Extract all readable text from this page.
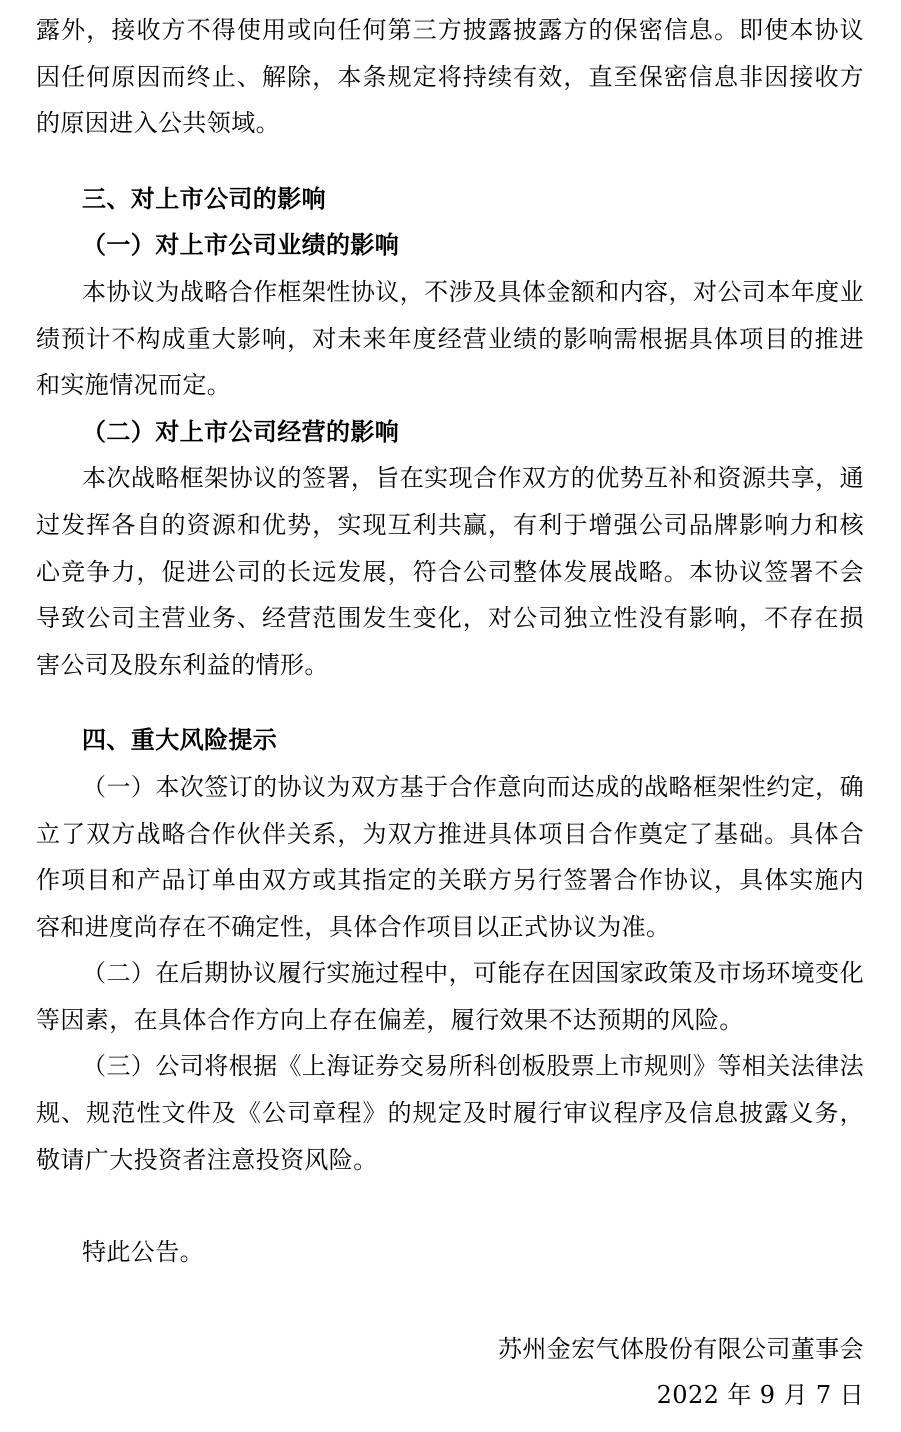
露外，接收方不得使用或向任何第三方披露披露方的保密信息。即使本协议因任何原因而终止、解除，本条规定将持续有效，直至保密信息非因接收方的原因进入公共领域。

三、对上市公司的影响

（一）对上市公司业绩的影响

本协议为战略合作框架性协议，不涉及具体金额和内容，对公司本年度业绩预计不构成重大影响，对未来年度经营业绩的影响需根据具体项目的推进和实施情况而定。

（二）对上市公司经营的影响

本次战略框架协议的签署，旨在实现合作双方的优势互补和资源共享，通过发挥各自的资源和优势，实现互利共赢，有利于增强公司品牌影响力和核心竞争力，促进公司的长远发展，符合公司整体发展战略。本协议签署不会导致公司主营业务、经营范围发生变化，对公司独立性没有影响，不存在损害公司及股东利益的情形。

四、重大风险提示

（一）本次签订的协议为双方基于合作意向而达成的战略框架性约定，确立了双方战略合作伙伴关系，为双方推进具体项目合作奠定了基础。具体合作项目和产品订单由双方或其指定的关联方另行签署合作协议，具体实施内容和进度尚存在不确定性，具体合作项目以正式协议为准。

（二）在后期协议履行实施过程中，可能存在因国家政策及市场环境变化等因素，在具体合作方向上存在偏差，履行效果不达预期的风险。

（三）公司将根据《上海证券交易所科创板股票上市规则》等相关法律法规、规范性文件及《公司章程》的规定及时履行审议程序及信息披露义务，敬请广大投资者注意投资风险。

特此公告。

苏州金宏气体股份有限公司董事会

2022 年 9 月 7 日
